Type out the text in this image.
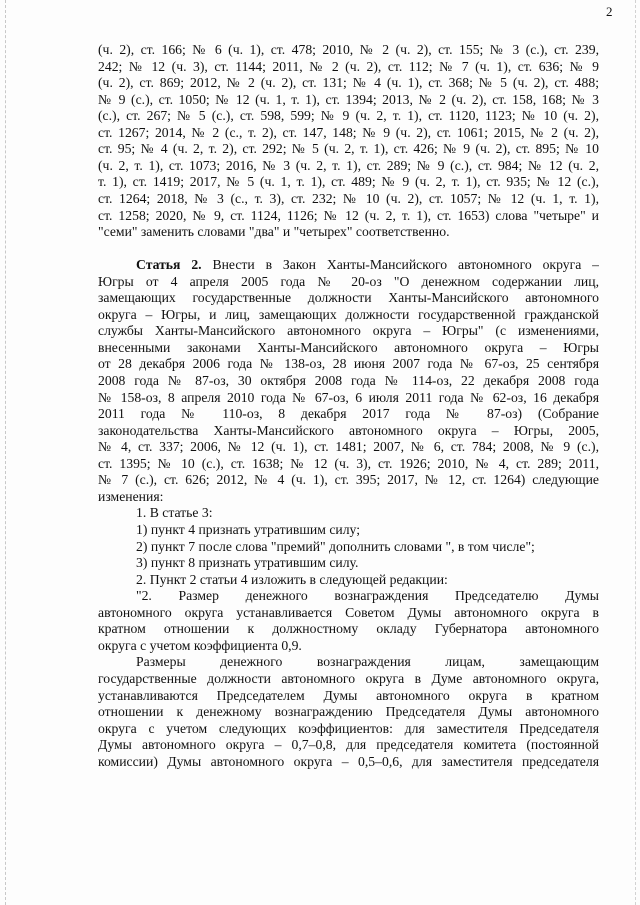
2
(ч. 2), ст. 166; № 6 (ч. 1), ст. 478; 2010, № 2 (ч. 2), ст. 155; № 3 (с.), ст. 239,
242; № 12 (ч. 3), ст. 1144; 2011, № 2 (ч. 2), ст. 112; № 7 (ч. 1), ст. 636; № 9
(ч. 2), ст. 869; 2012, № 2 (ч. 2), ст. 131; № 4 (ч. 1), ст. 368; № 5 (ч. 2), ст. 488;
№ 9 (с.), ст. 1050; № 12 (ч. 1, т. 1), ст. 1394; 2013, № 2 (ч. 2), ст. 158, 168; № 3
(с.), ст. 267; № 5 (с.), ст. 598, 599; № 9 (ч. 2, т. 1), ст. 1120, 1123; № 10 (ч. 2),
ст. 1267; 2014, № 2 (с., т. 2), ст. 147, 148; № 9 (ч. 2), ст. 1061; 2015, № 2 (ч. 2),
ст. 95; № 4 (ч. 2, т. 2), ст. 292; № 5 (ч. 2, т. 1), ст. 426; № 9 (ч. 2), ст. 895; № 10
(ч. 2, т. 1), ст. 1073; 2016, № 3 (ч. 2, т. 1), ст. 289; № 9 (с.), ст. 984; № 12 (ч. 2,
т. 1), ст. 1419; 2017, № 5 (ч. 1, т. 1), ст. 489; № 9 (ч. 2, т. 1), ст. 935; № 12 (с.),
ст. 1264; 2018, № 3 (с., т. 3), ст. 232; № 10 (ч. 2), ст. 1057; № 12 (ч. 1, т. 1),
ст. 1258; 2020, № 9, ст. 1124, 1126; № 12 (ч. 2, т. 1), ст. 1653) слова "четыре" и
"семи" заменить словами "два" и "четырех" соответственно.
Статья 2. Внести в Закон Ханты-Мансийского автономного округа –
Югры от 4 апреля 2005 года № 20-оз "О денежном содержании лиц,
замещающих государственные должности Ханты-Мансийского автономного
округа – Югры, и лиц, замещающих должности государственной гражданской
службы Ханты-Мансийского автономного округа – Югры" (с изменениями,
внесенными законами Ханты-Мансийского автономного округа – Югры
от 28 декабря 2006 года № 138-оз, 28 июня 2007 года № 67-оз, 25 сентября
2008 года № 87-оз, 30 октября 2008 года № 114-оз, 22 декабря 2008 года
№ 158-оз, 8 апреля 2010 года № 67-оз, 6 июля 2011 года № 62-оз, 16 декабря
2011 года № 110-оз, 8 декабря 2017 года № 87-оз) (Собрание
законодательства Ханты-Мансийского автономного округа – Югры, 2005,
№ 4, ст. 337; 2006, № 12 (ч. 1), ст. 1481; 2007, № 6, ст. 784; 2008, № 9 (с.),
ст. 1395; № 10 (с.), ст. 1638; № 12 (ч. 3), ст. 1926; 2010, № 4, ст. 289; 2011,
№ 7 (с.), ст. 626; 2012, № 4 (ч. 1), ст. 395; 2017, № 12, ст. 1264) следующие
изменения:
1. В статье 3:
1) пункт 4 признать утратившим силу;
2) пункт 7 после слова "премий" дополнить словами ", в том числе";
3) пункт 8 признать утратившим силу.
2. Пункт 2 статьи 4 изложить в следующей редакции:
"2. Размер денежного вознаграждения Председателю Думы
автономного округа устанавливается Советом Думы автономного округа в
кратном отношении к должностному окладу Губернатора автономного
округа с учетом коэффициента 0,9.
Размеры денежного вознаграждения лицам, замещающим
государственные должности автономного округа в Думе автономного округа,
устанавливаются Председателем Думы автономного округа в кратном
отношении к денежному вознаграждению Председателя Думы автономного
округа с учетом следующих коэффициентов: для заместителя Председателя
Думы автономного округа – 0,7–0,8, для председателя комитета (постоянной
комиссии) Думы автономного округа – 0,5–0,6, для заместителя председателя
